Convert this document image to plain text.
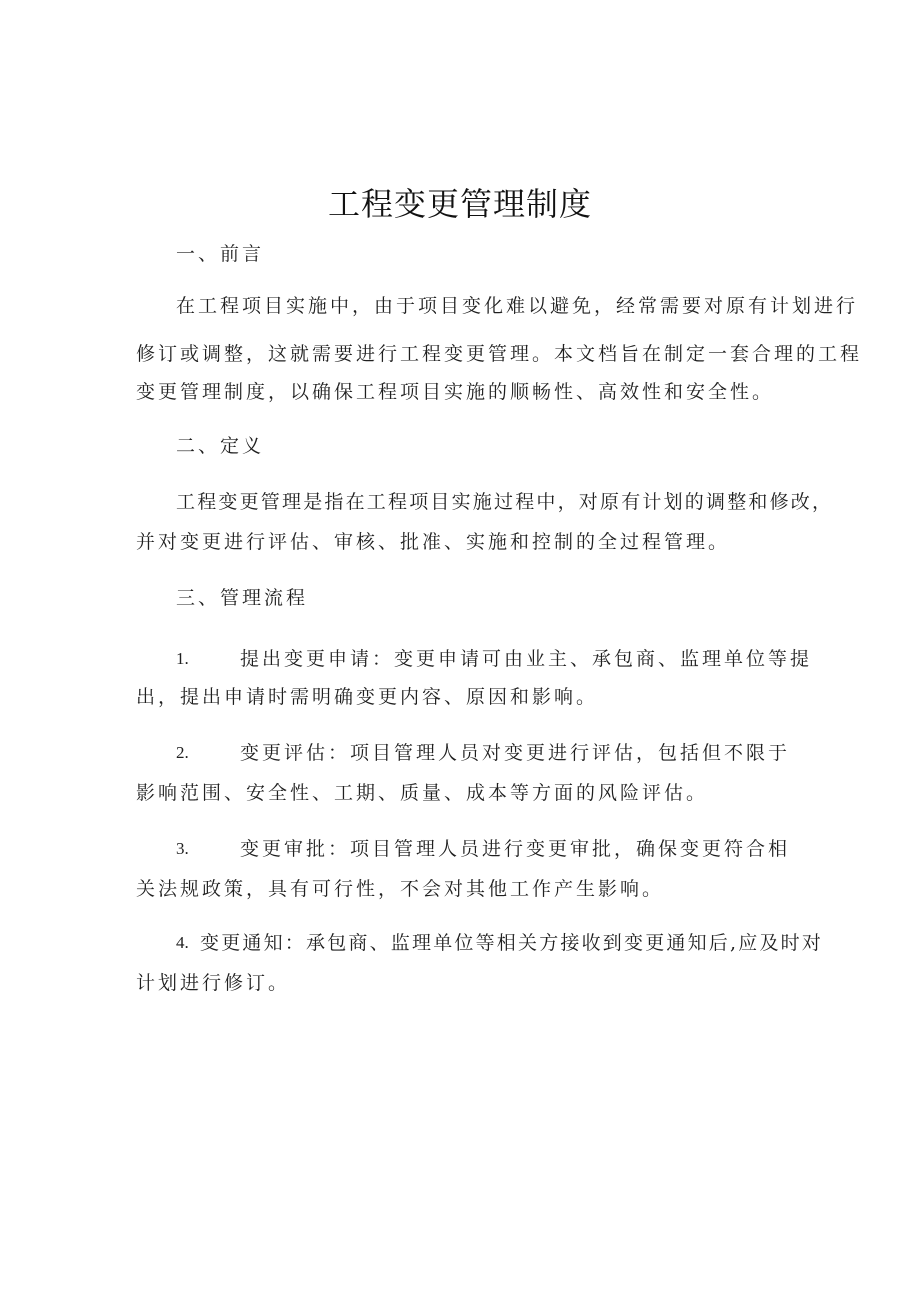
工程变更管理制度
一、前言
在工程项目实施中，由于项目变化难以避免，经常需要对原有计划进行
修订或调整，这就需要进行工程变更管理。本文档旨在制定一套合理的工程
变更管理制度，以确保工程项目实施的顺畅性、高效性和安全性。
二、定义
工程变更管理是指在工程项目实施过程中，对原有计划的调整和修改，
并对变更进行评估、审核、批准、实施和控制的全过程管理。
三、管理流程
1.	提出变更申请：变更申请可由业主、承包商、监理单位等提
出，提出申请时需明确变更内容、原因和影响。
2.	变更评估：项目管理人员对变更进行评估，包括但不限于
影响范围、安全性、工期、质量、成本等方面的风险评估。
3.	变更审批：项目管理人员进行变更审批，确保变更符合相
关法规政策，具有可行性，不会对其他工作产生影响。
4. 变更通知：承包商、监理单位等相关方接收到变更通知后,应及时对
计划进行修订。
